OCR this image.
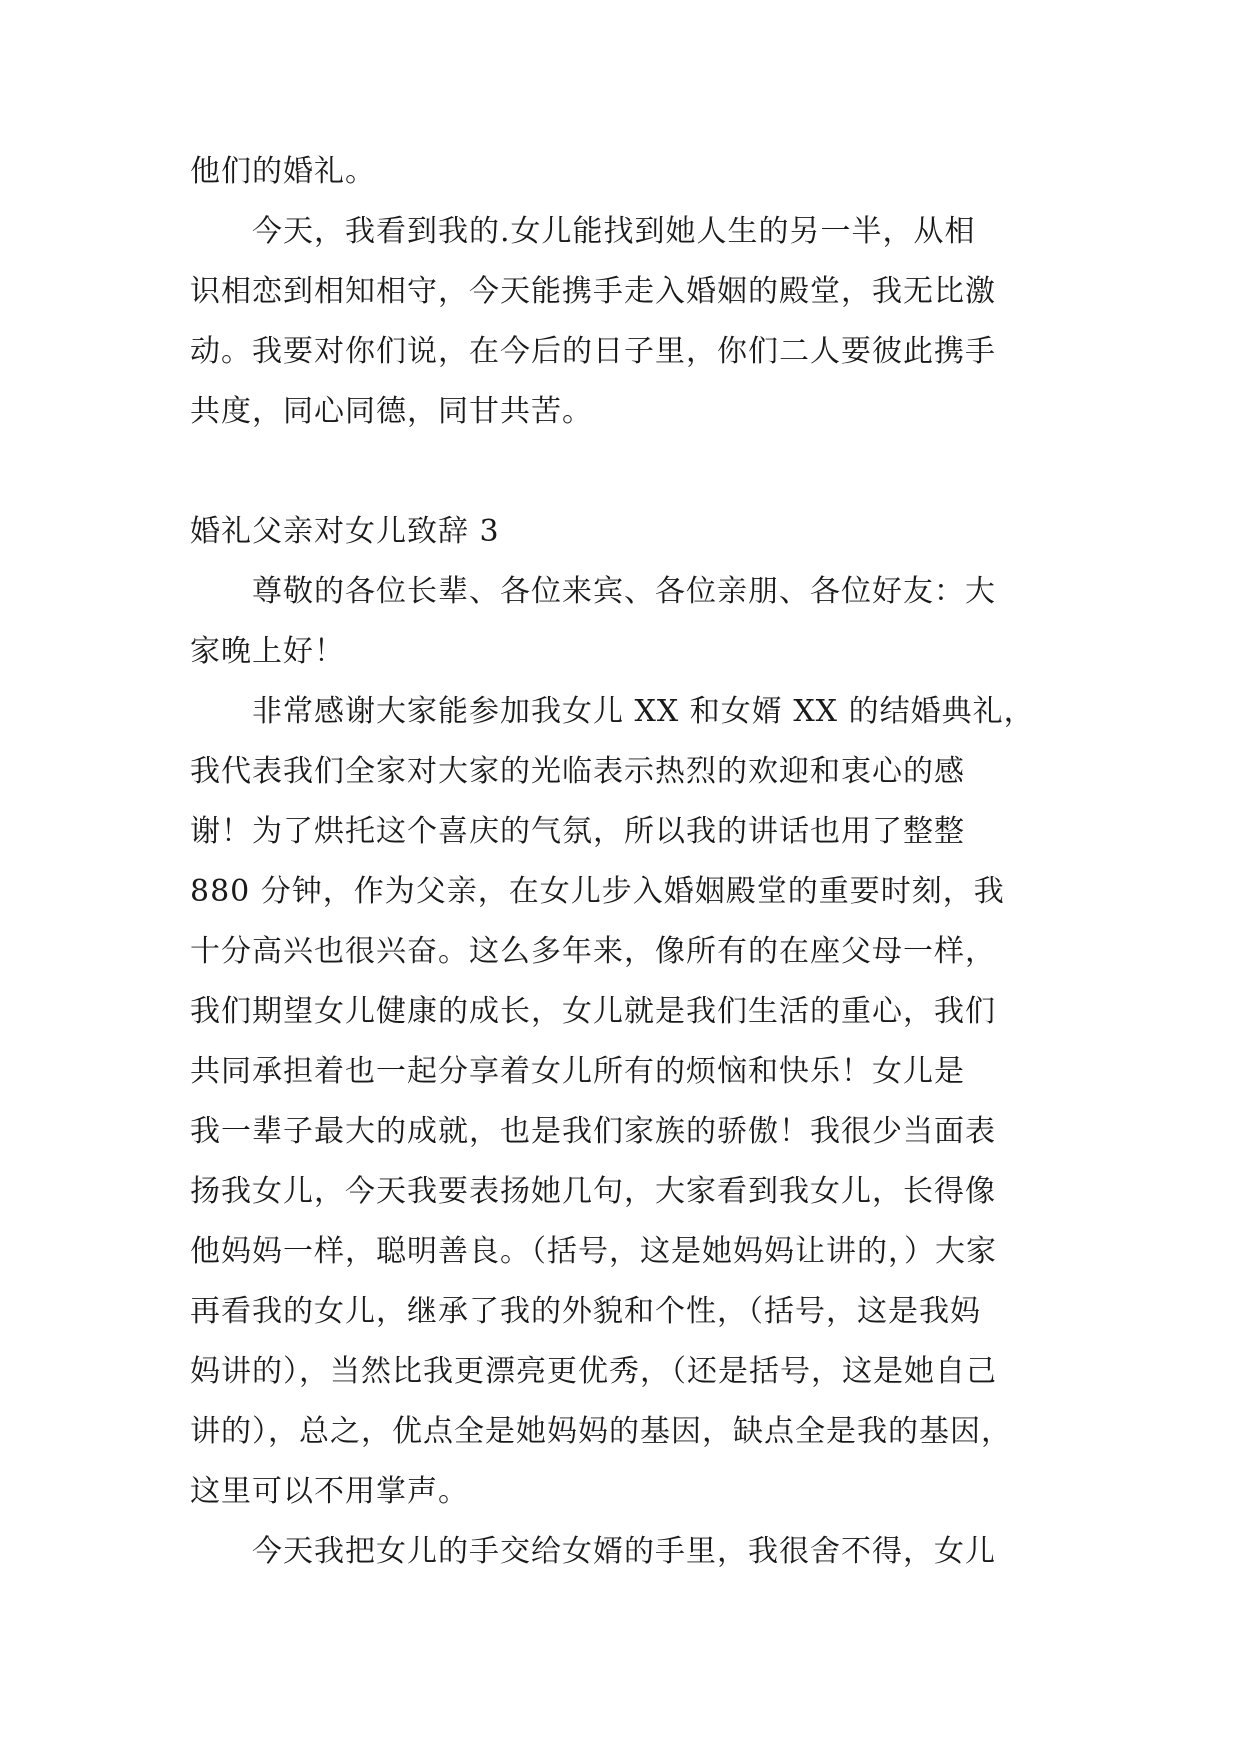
他们的婚礼。

今天，我看到我的.女儿能找到她人生的另一半，从相

识相恋到相知相守，今天能携手走入婚姻的殿堂，我无比激

动。我要对你们说，在今后的日子里，你们二人要彼此携手

共度，同心同德，同甘共苦。

婚礼父亲对女儿致辞 3

尊敬的各位长辈、各位来宾、各位亲朋、各位好友：大

家晚上好！

非常感谢大家能参加我女儿 XX 和女婿 XX 的结婚典礼，

我代表我们全家对大家的光临表示热烈的欢迎和衷心的感

谢！为了烘托这个喜庆的气氛，所以我的讲话也用了整整

880 分钟，作为父亲，在女儿步入婚姻殿堂的重要时刻，我

十分高兴也很兴奋。这么多年来，像所有的在座父母一样，

我们期望女儿健康的成长，女儿就是我们生活的重心，我们

共同承担着也一起分享着女儿所有的烦恼和快乐！女儿是

我一辈子最大的成就，也是我们家族的骄傲！我很少当面表

扬我女儿，今天我要表扬她几句，大家看到我女儿，长得像

他妈妈一样，聪明善良。（括号，这是她妈妈让讲的，）大家

再看我的女儿，继承了我的外貌和个性，（括号，这是我妈

妈讲的），当然比我更漂亮更优秀，（还是括号，这是她自己

讲的），总之，优点全是她妈妈的基因，缺点全是我的基因，

这里可以不用掌声。

今天我把女儿的手交给女婿的手里，我很舍不得，女儿
